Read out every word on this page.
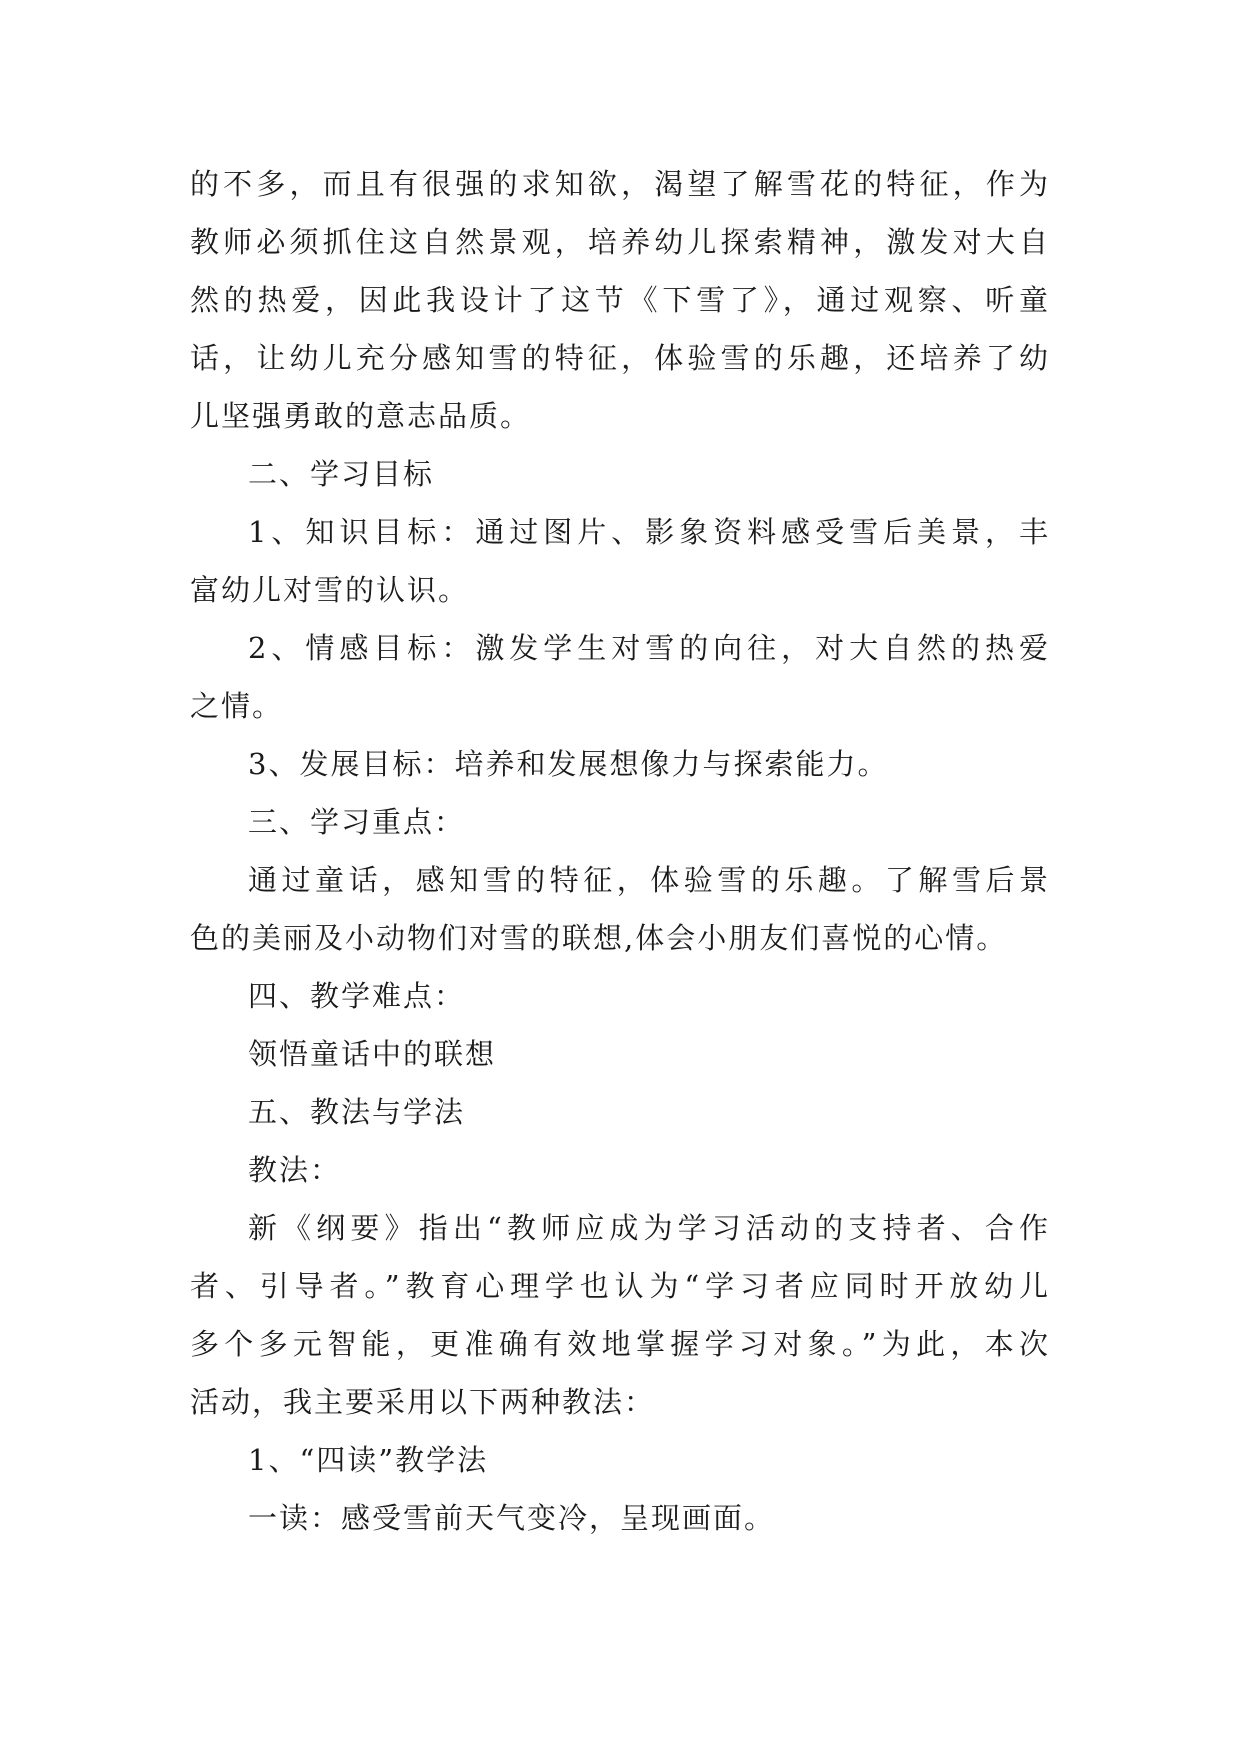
的不多，而且有很强的求知欲，渴望了解雪花的特征，作为
教师必须抓住这自然景观，培养幼儿探索精神，激发对大自
然的热爱，因此我设计了这节《下雪了》，通过观察、听童
话，让幼儿充分感知雪的特征，体验雪的乐趣，还培养了幼
儿坚强勇敢的意志品质。
二、学习目标
1、知识目标：通过图片、影象资料感受雪后美景，丰
富幼儿对雪的认识。
2、情感目标：激发学生对雪的向往，对大自然的热爱
之情。
3、发展目标：培养和发展想像力与探索能力。
三、学习重点：
通过童话，感知雪的特征，体验雪的乐趣。了解雪后景
色的美丽及小动物们对雪的联想,体会小朋友们喜悦的心情。
四、教学难点：
领悟童话中的联想
五、教法与学法
教法：
新《纲要》指出“教师应成为学习活动的支持者、合作
者、引导者。”教育心理学也认为“学习者应同时开放幼儿
多个多元智能，更准确有效地掌握学习对象。”为此，本次
活动，我主要采用以下两种教法：
1、“四读”教学法
一读：感受雪前天气变冷，呈现画面。
